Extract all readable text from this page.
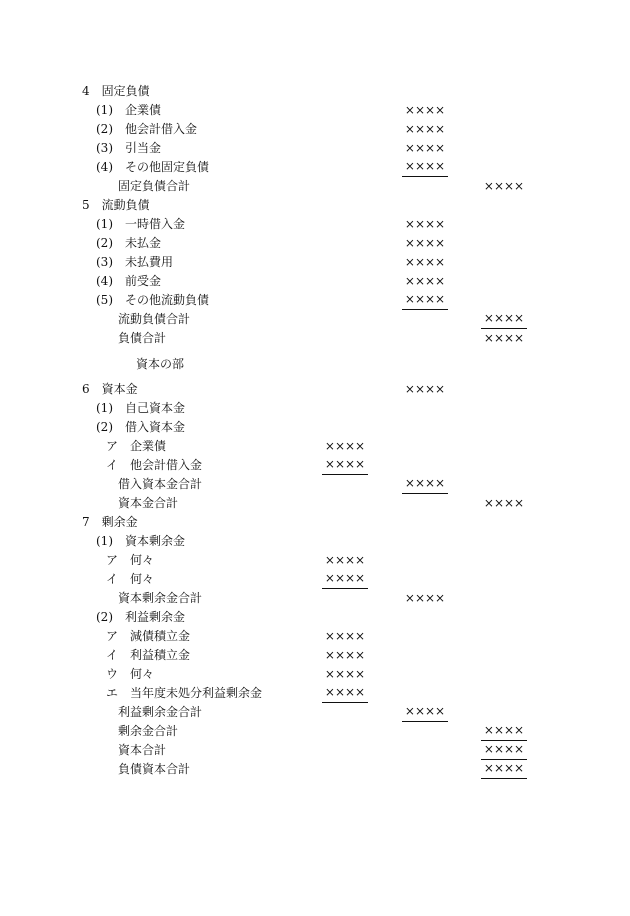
4　固定負債
(1)　企業債	××××
(2)　他会計借入金	××××
(3)　引当金	××××
(4)　その他固定負債	××××
固定負債合計	××××
5　流動負債
(1)　一時借入金	××××
(2)　未払金	××××
(3)　未払費用	××××
(4)　前受金	××××
(5)　その他流動負債	××××
流動負債合計	××××
負債合計	××××
資本の部
6　資本金	××××
(1)　自己資本金
(2)　借入資本金
ア　企業債	××××
イ　他会計借入金	××××
借入資本金合計	××××
資本金合計	××××
7　剰余金
(1)　資本剰余金
ア　何々	××××
イ　何々	××××
資本剰余金合計	××××
(2)　利益剰余金
ア　減債積立金	××××
イ　利益積立金	××××
ウ　何々	××××
エ　当年度未処分利益剰余金	××××
利益剰余金合計	××××
剰余金合計	××××
資本合計	××××
負債資本合計	××××
